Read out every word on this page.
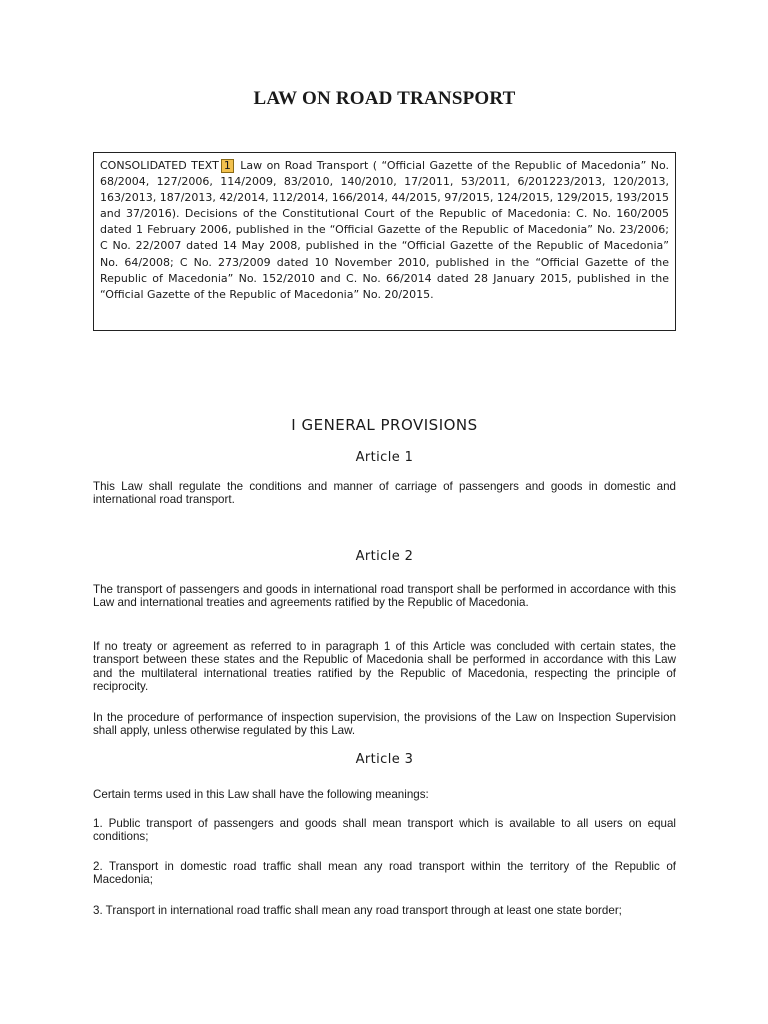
LAW ON ROAD TRANSPORT
CONSOLIDATED TEXT 1 Law on Road Transport ( “Official Gazette of the Republic of Macedonia” No. 68/2004, 127/2006, 114/2009, 83/2010, 140/2010, 17/2011, 53/2011, 6/201223/2013, 120/2013, 163/2013, 187/2013, 42/2014, 112/2014, 166/2014, 44/2015, 97/2015, 124/2015, 129/2015, 193/2015 and 37/2016). Decisions of the Constitutional Court of the Republic of Macedonia: C. No. 160/2005 dated 1 February 2006, published in the “Official Gazette of the Republic of Macedonia” No. 23/2006; C No. 22/2007 dated 14 May 2008, published in the “Official Gazette of the Republic of Macedonia” No. 64/2008; C No. 273/2009 dated 10 November 2010, published in the “Official Gazette of the Republic of Macedonia” No. 152/2010 and C. No. 66/2014 dated 28 January 2015, published in the “Official Gazette of the Republic of Macedonia” No. 20/2015.
I GENERAL PROVISIONS
Article 1
This Law shall regulate the conditions and manner of carriage of passengers and goods in domestic and international road transport.
Article 2
The transport of passengers and goods in international road transport shall be performed in accordance with this Law and international treaties and agreements ratified by the Republic of Macedonia.
If no treaty or agreement as referred to in paragraph 1 of this Article was concluded with certain states, the transport between these states and the Republic of Macedonia shall be performed in accordance with this Law and the multilateral international treaties ratified by the Republic of Macedonia, respecting the principle of reciprocity.
In the procedure of performance of inspection supervision, the provisions of the Law on Inspection Supervision shall apply, unless otherwise regulated by this Law.
Article 3
Certain terms used in this Law shall have the following meanings:
1. Public transport of passengers and goods shall mean transport which is available to all users on equal conditions;
2. Transport in domestic road traffic shall mean any road transport within the territory of the Republic of Macedonia;
3. Transport in international road traffic shall mean any road transport through at least one state border;
